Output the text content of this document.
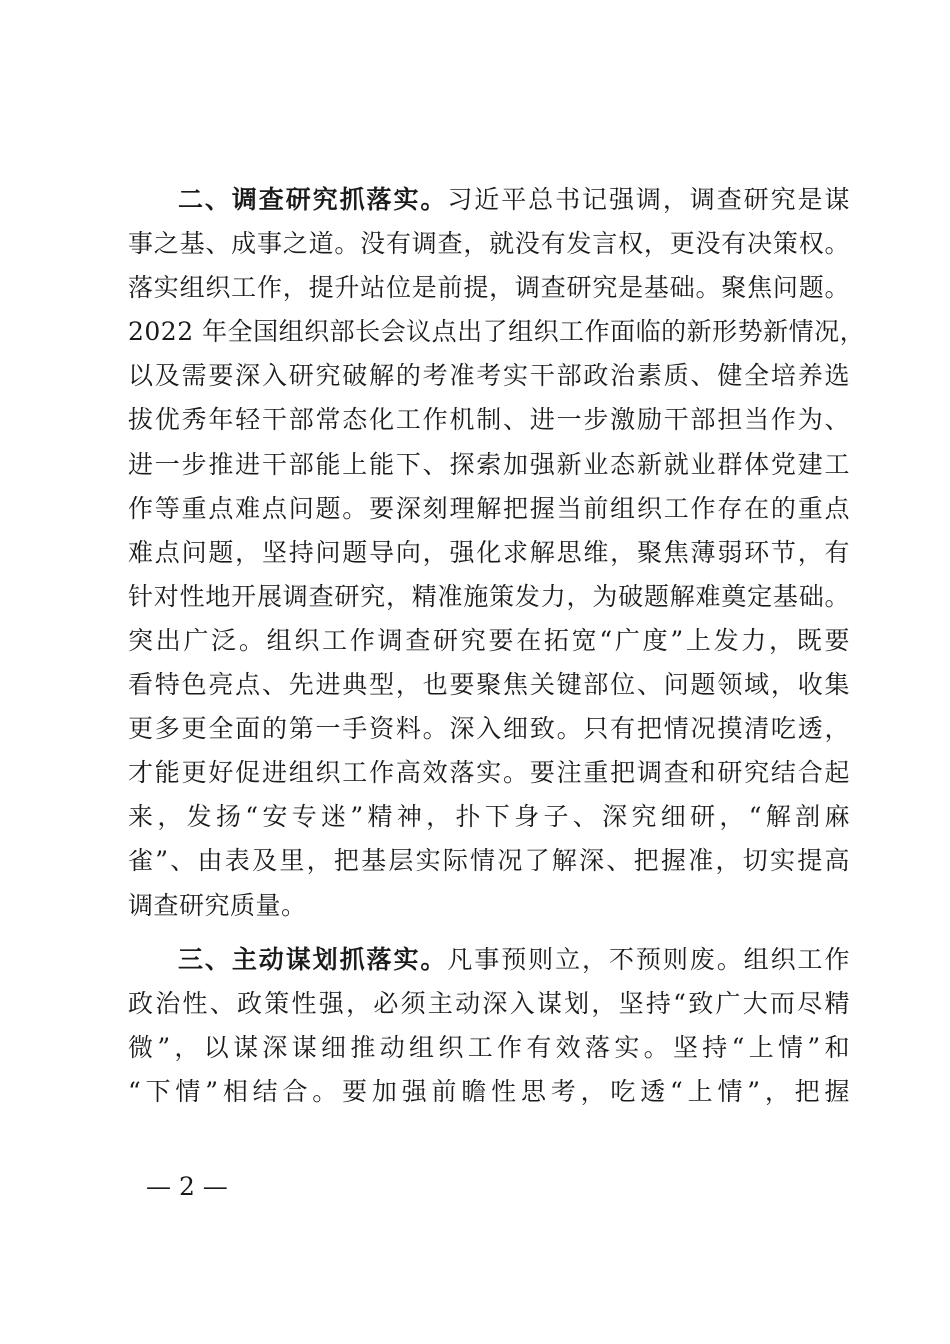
二、调查研究抓落实。习近平总书记强调，调查研究是谋
事之基、成事之道。没有调查，就没有发言权，更没有决策权。
落实组织工作，提升站位是前提，调查研究是基础。聚焦问题。
2022 年全国组织部长会议点出了组织工作面临的新形势新情况，
以及需要深入研究破解的考准考实干部政治素质、健全培养选
拔优秀年轻干部常态化工作机制、进一步激励干部担当作为、
进一步推进干部能上能下、探索加强新业态新就业群体党建工
作等重点难点问题。要深刻理解把握当前组织工作存在的重点
难点问题，坚持问题导向，强化求解思维，聚焦薄弱环节，有
针对性地开展调查研究，精准施策发力，为破题解难奠定基础。
突出广泛。组织工作调查研究要在拓宽“广度”上发力，既要
看特色亮点、先进典型，也要聚焦关键部位、问题领域，收集
更多更全面的第一手资料。深入细致。只有把情况摸清吃透，
才能更好促进组织工作高效落实。要注重把调查和研究结合起
来，发扬“安专迷”精神，扑下身子、深究细研，“解剖麻
雀”、由表及里，把基层实际情况了解深、把握准，切实提高
调查研究质量。
三、主动谋划抓落实。凡事预则立，不预则废。组织工作
政治性、政策性强，必须主动深入谋划，坚持“致广大而尽精
微”，以谋深谋细推动组织工作有效落实。坚持“上情”和
“下情”相结合。要加强前瞻性思考，吃透“上情”，把握
— 2 —
